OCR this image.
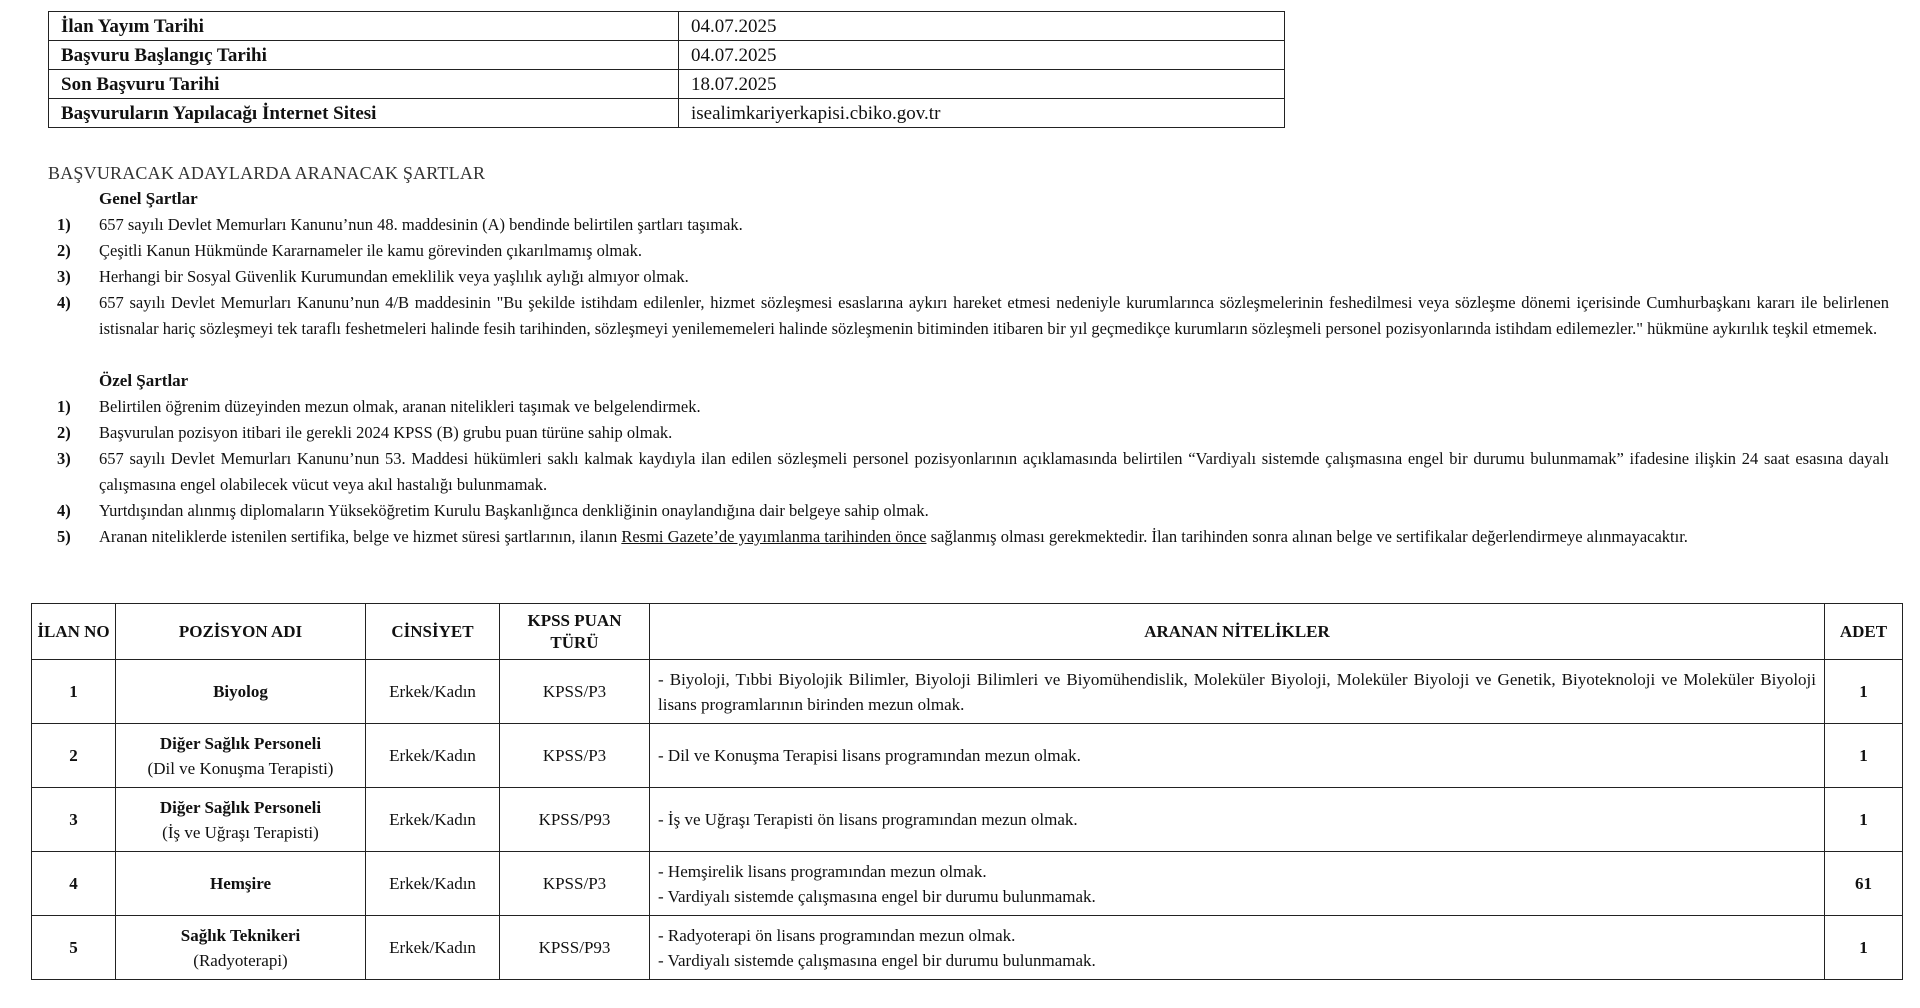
İlan Yayım Tarihi	04.07.2025
Başvuru Başlangıç Tarihi	04.07.2025
Son Başvuru Tarihi	18.07.2025
Başvuruların Yapılacağı İnternet Sitesi	isealimkariyerkapisi.cbiko.gov.tr
BAŞVURACAK ADAYLARDA ARANACAK ŞARTLAR
Genel Şartlar
1)	657 sayılı Devlet Memurları Kanunu’nun 48. maddesinin (A) bendinde belirtilen şartları taşımak.
2)	Çeşitli Kanun Hükmünde Kararnameler ile kamu görevinden çıkarılmamış olmak.
3)	Herhangi bir Sosyal Güvenlik Kurumundan emeklilik veya yaşlılık aylığı almıyor olmak.
4)	657 sayılı Devlet Memurları Kanunu’nun 4/B maddesinin "Bu şekilde istihdam edilenler, hizmet sözleşmesi esaslarına aykırı hareket etmesi nedeniyle kurumlarınca sözleşmelerinin feshedilmesi veya sözleşme dönemi içerisinde Cumhurbaşkanı kararı ile belirlenen istisnalar hariç sözleşmeyi tek taraflı feshetmeleri halinde fesih tarihinden, sözleşmeyi yenilememeleri halinde sözleşmenin bitiminden itibaren bir yıl geçmedikçe kurumların sözleşmeli personel pozisyonlarında istihdam edilemezler." hükmüne aykırılık teşkil etmemek.
Özel Şartlar
1)	Belirtilen öğrenim düzeyinden mezun olmak, aranan nitelikleri taşımak ve belgelendirmek.
2)	Başvurulan pozisyon itibari ile gerekli 2024 KPSS (B) grubu puan türüne sahip olmak.
3)	657 sayılı Devlet Memurları Kanunu’nun 53. Maddesi hükümleri saklı kalmak kaydıyla ilan edilen sözleşmeli personel pozisyonlarının açıklamasında belirtilen “Vardiyalı sistemde çalışmasına engel bir durumu bulunmamak” ifadesine ilişkin 24 saat esasına dayalı çalışmasına engel olabilecek vücut veya akıl hastalığı bulunmamak.
4)	Yurtdışından alınmış diplomaların Yükseköğretim Kurulu Başkanlığınca denkliğinin onaylandığına dair belgeye sahip olmak.
5)	Aranan niteliklerde istenilen sertifika, belge ve hizmet süresi şartlarının, ilanın Resmi Gazete’de yayımlanma tarihinden önce sağlanmış olması gerekmektedir. İlan tarihinden sonra alınan belge ve sertifikalar değerlendirmeye alınmayacaktır.
İLAN NO	POZİSYON ADI	CİNSİYET	KPSS PUAN TÜRÜ	ARANAN NİTELİKLER	ADET
1	Biyolog	Erkek/Kadın	KPSS/P3	- Biyoloji, Tıbbi Biyolojik Bilimler, Biyoloji Bilimleri ve Biyomühendislik, Moleküler Biyoloji, Moleküler Biyoloji ve Genetik, Biyoteknoloji ve Moleküler Biyoloji lisans programlarının birinden mezun olmak.	1
2	Diğer Sağlık Personeli
(Dil ve Konuşma Terapisti)	Erkek/Kadın	KPSS/P3	- Dil ve Konuşma Terapisi lisans programından mezun olmak.	1
3	Diğer Sağlık Personeli
(İş ve Uğraşı Terapisti)	Erkek/Kadın	KPSS/P93	- İş ve Uğraşı Terapisti ön lisans programından mezun olmak.	1
4	Hemşire	Erkek/Kadın	KPSS/P3	- Hemşirelik lisans programından mezun olmak.
- Vardiyalı sistemde çalışmasına engel bir durumu bulunmamak.	61
5	Sağlık Teknikeri
(Radyoterapi)	Erkek/Kadın	KPSS/P93	- Radyoterapi ön lisans programından mezun olmak.
- Vardiyalı sistemde çalışmasına engel bir durumu bulunmamak.	1
